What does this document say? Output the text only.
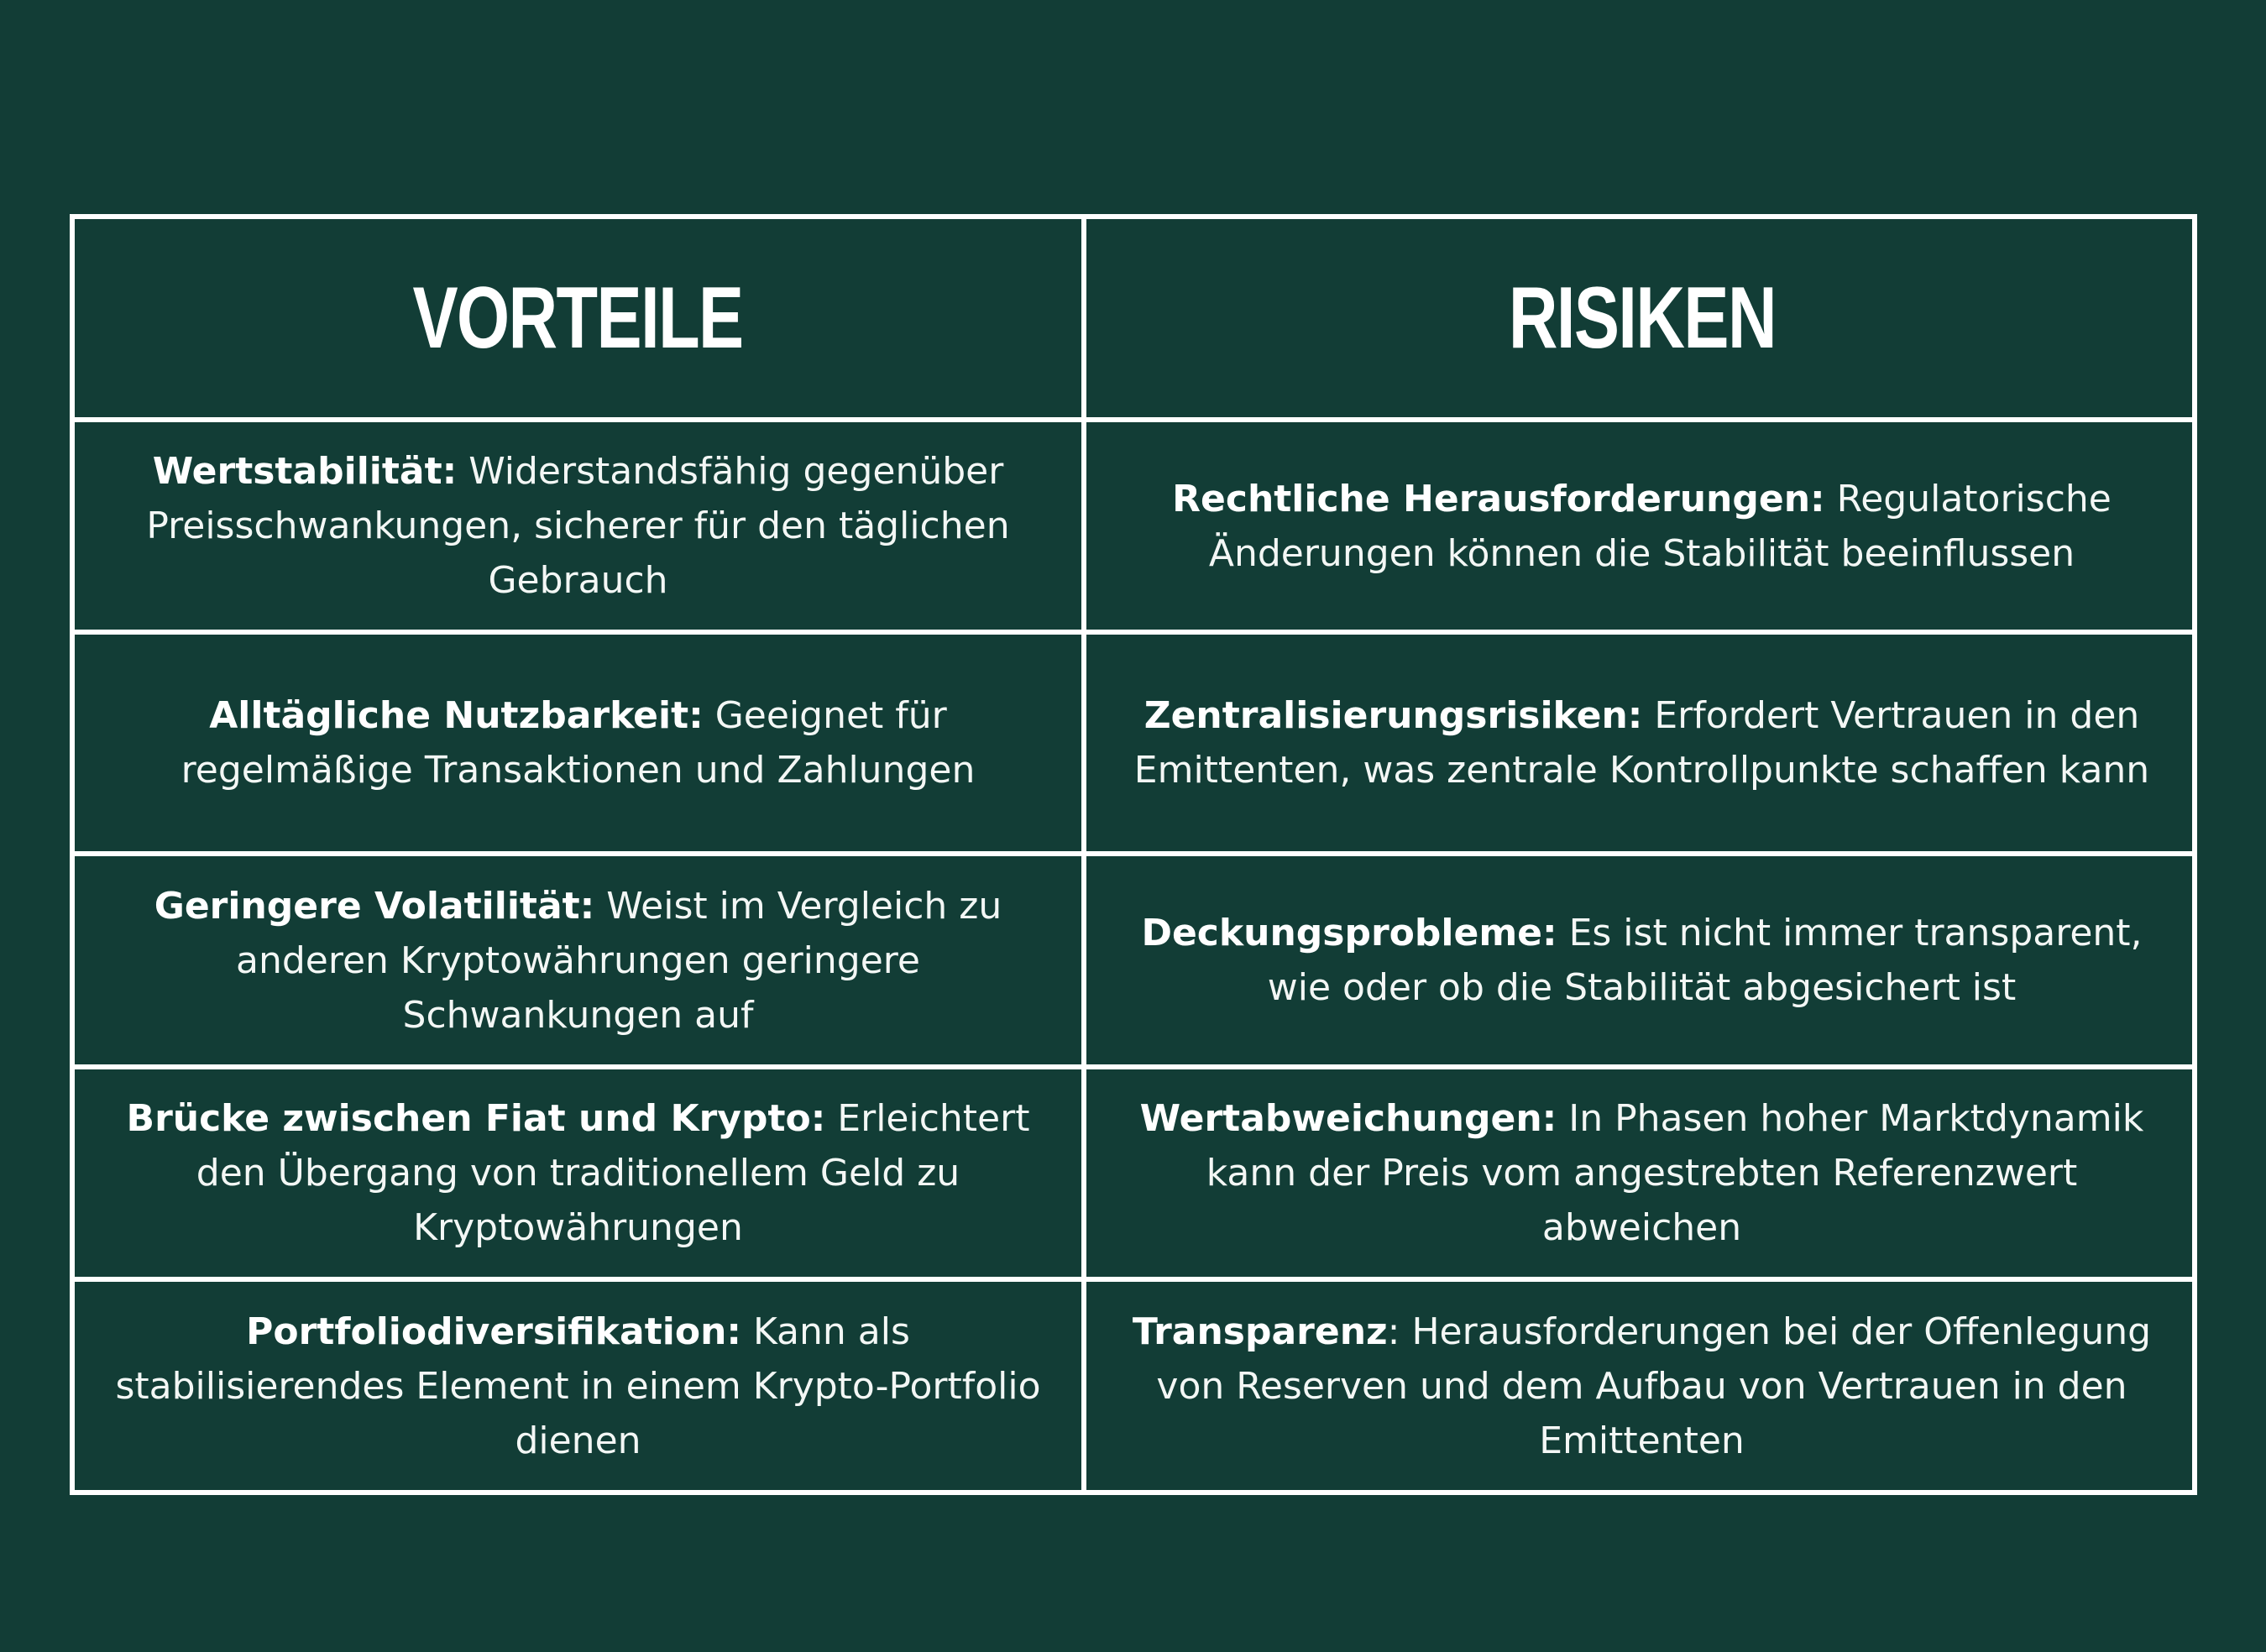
VORTEILE	RISIKEN
Wertstabilität: Widerstandsfähig gegenüber Preisschwankungen, sicherer für den täglichen Gebrauch
Rechtliche Herausforderungen: Regulatorische Änderungen können die Stabilität beeinflussen
Alltägliche Nutzbarkeit: Geeignet für regelmäßige Transaktionen und Zahlungen
Zentralisierungsrisiken: Erfordert Vertrauen in den Emittenten, was zentrale Kontrollpunkte schaffen kann
Geringere Volatilität: Weist im Vergleich zu anderen Kryptowährungen geringere Schwankungen auf
Deckungsprobleme: Es ist nicht immer transparent, wie oder ob die Stabilität abgesichert ist
Brücke zwischen Fiat und Krypto: Erleichtert den Übergang von traditionellem Geld zu Kryptowährungen
Wertabweichungen: In Phasen hoher Marktdynamik kann der Preis vom angestrebten Referenzwert abweichen
Portfoliodiversifikation: Kann als stabilisierendes Element in einem Krypto-Portfolio dienen
Transparenz: Herausforderungen bei der Offenlegung von Reserven und dem Aufbau von Vertrauen in den Emittenten
